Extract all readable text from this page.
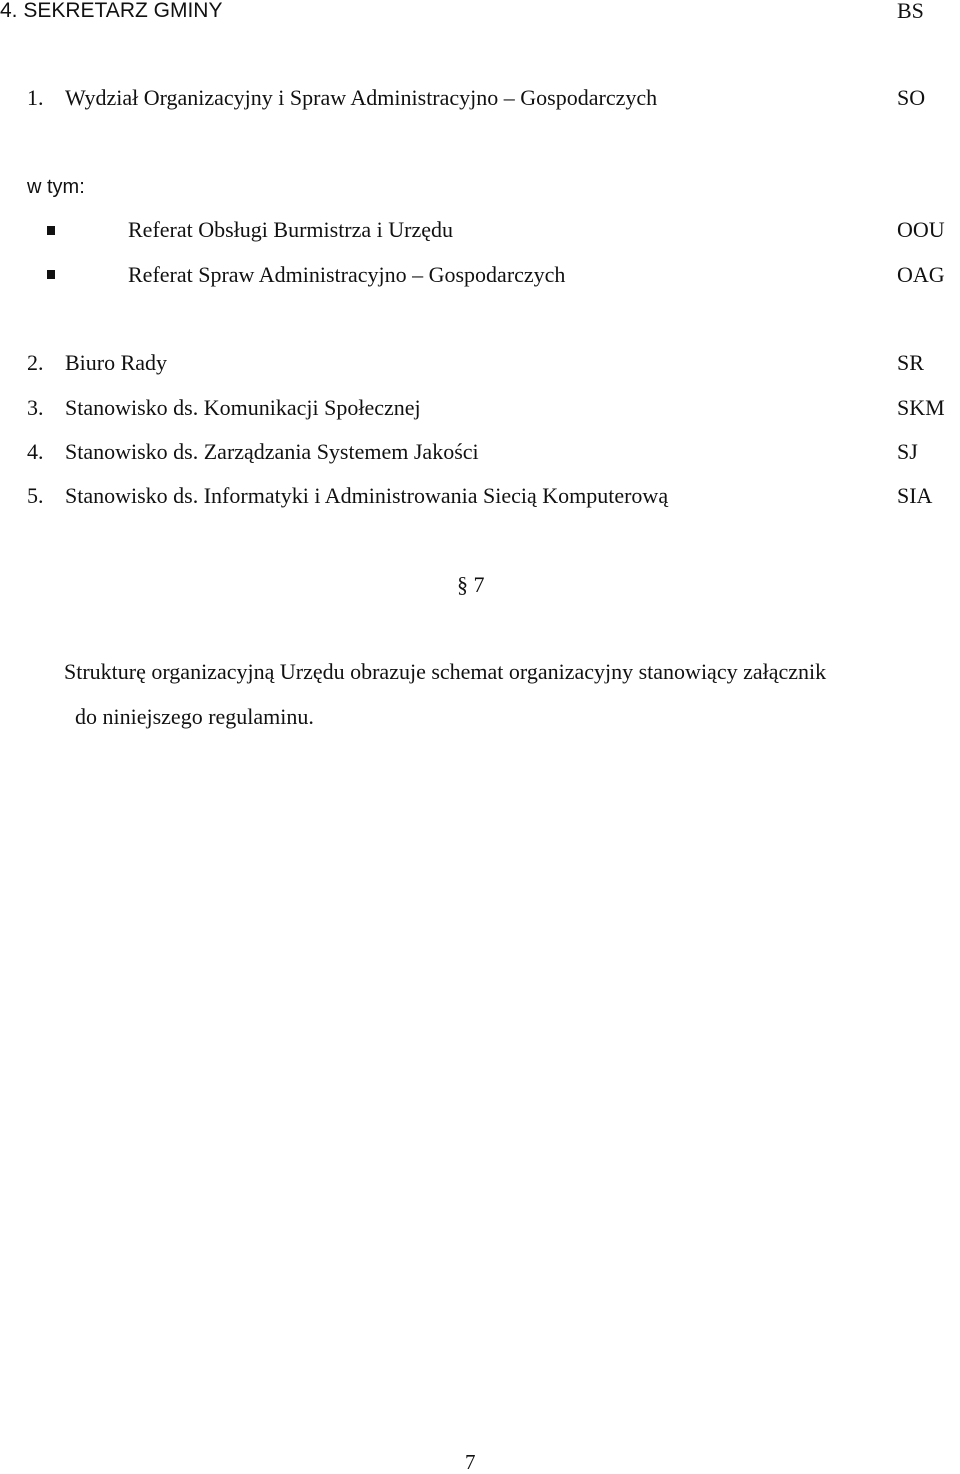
4. SEKRETARZ GMINY	BS
1. Wydział Organizacyjny i Spraw Administracyjno – Gospodarczych	SO
w tym:
Referat Obsługi Burmistrza i Urzędu	OOU
Referat Spraw Administracyjno – Gospodarczych	OAG
2. Biuro Rady	SR
3. Stanowisko ds. Komunikacji Społecznej	SKM
4. Stanowisko ds. Zarządzania Systemem Jakości	SJ
5. Stanowisko ds. Informatyki i Administrowania Siecią Komputerową	SIA
§ 7
Strukturę organizacyjną Urzędu obrazuje schemat organizacyjny stanowiący załącznik
do niniejszego regulaminu.
7
